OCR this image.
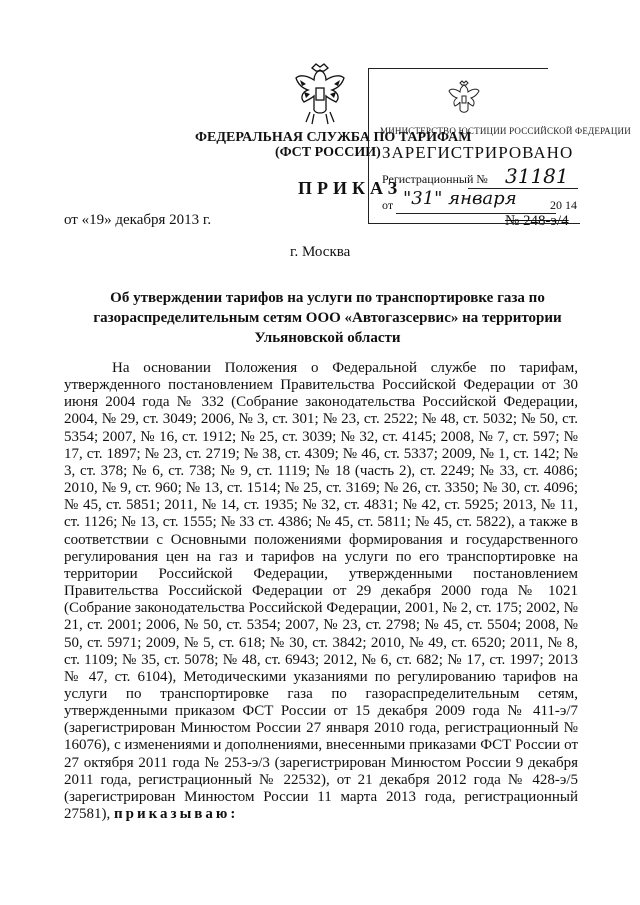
ФЕДЕРАЛЬНАЯ СЛУЖБА ПО ТАРИФАМ
(ФСТ РОССИИ)
ПРИКАЗ
от «19» декабря 2013 г.	№ 248-э/4
МИНИСТЕРСТВО ЮСТИЦИИ РОССИЙСКОЙ ФЕДЕРАЦИИ
ЗАРЕГИСТРИРОВАНО
Регистрационный № 31181
от "31" января	20 14
г. Москва
Об утверждении тарифов на услуги по транспортировке газа по газораспределительным сетям ООО «Автогазсервис» на территории Ульяновской области

На основании Положения о Федеральной службе по тарифам, утвержденного постановлением Правительства Российской Федерации от 30 июня 2004 года № 332 (Собрание законодательства Российской Федерации, 2004, № 29, ст. 3049; 2006, № 3, ст. 301; № 23, ст. 2522; № 48, ст. 5032; № 50, ст. 5354; 2007, № 16, ст. 1912; № 25, ст. 3039; № 32, ст. 4145; 2008, № 7, ст. 597; № 17, ст. 1897; № 23, ст. 2719; № 38, ст. 4309; № 46, ст. 5337; 2009, № 1, ст. 142; № 3, ст. 378; № 6, ст. 738; № 9, ст. 1119; № 18 (часть 2), ст. 2249; № 33, ст. 4086; 2010, № 9, ст. 960; № 13, ст. 1514; № 25, ст. 3169; № 26, ст. 3350; № 30, ст. 4096; № 45, ст. 5851; 2011, № 14, ст. 1935; № 32, ст. 4831; № 42, ст. 5925; 2013, № 11, ст. 1126; № 13, ст. 1555; № 33 ст. 4386; № 45, ст. 5811; № 45, ст. 5822), а также в соответствии с Основными положениями формирования и государственного регулирования цен на газ и тарифов на услуги по его транспортировке на территории Российской Федерации, утвержденными постановлением Правительства Российской Федерации от 29 декабря 2000 года № 1021 (Собрание законодательства Российской Федерации, 2001, № 2, ст. 175; 2002, № 21, ст. 2001; 2006, № 50, ст. 5354; 2007, № 23, ст. 2798; № 45, ст. 5504; 2008, № 50, ст. 5971; 2009, № 5, ст. 618; № 30, ст. 3842; 2010, № 49, ст. 6520; 2011, № 8, ст. 1109; № 35, ст. 5078; № 48, ст. 6943; 2012, № 6, ст. 682; № 17, ст. 1997; 2013 № 47, ст. 6104), Методическими указаниями по регулированию тарифов на услуги по транспортировке газа по газораспределительным сетям, утвержденными приказом ФСТ России от 15 декабря 2009 года № 411-э/7 (зарегистрирован Минюстом России 27 января 2010 года, регистрационный № 16076), с изменениями и дополнениями, внесенными приказами ФСТ России от 27 октября 2011 года № 253-э/3 (зарегистрирован Минюстом России 9 декабря 2011 года, регистрационный № 22532), от 21 декабря 2012 года № 428-э/5 (зарегистрирован Минюстом России 11 марта 2013 года, регистрационный 27581), приказываю:
